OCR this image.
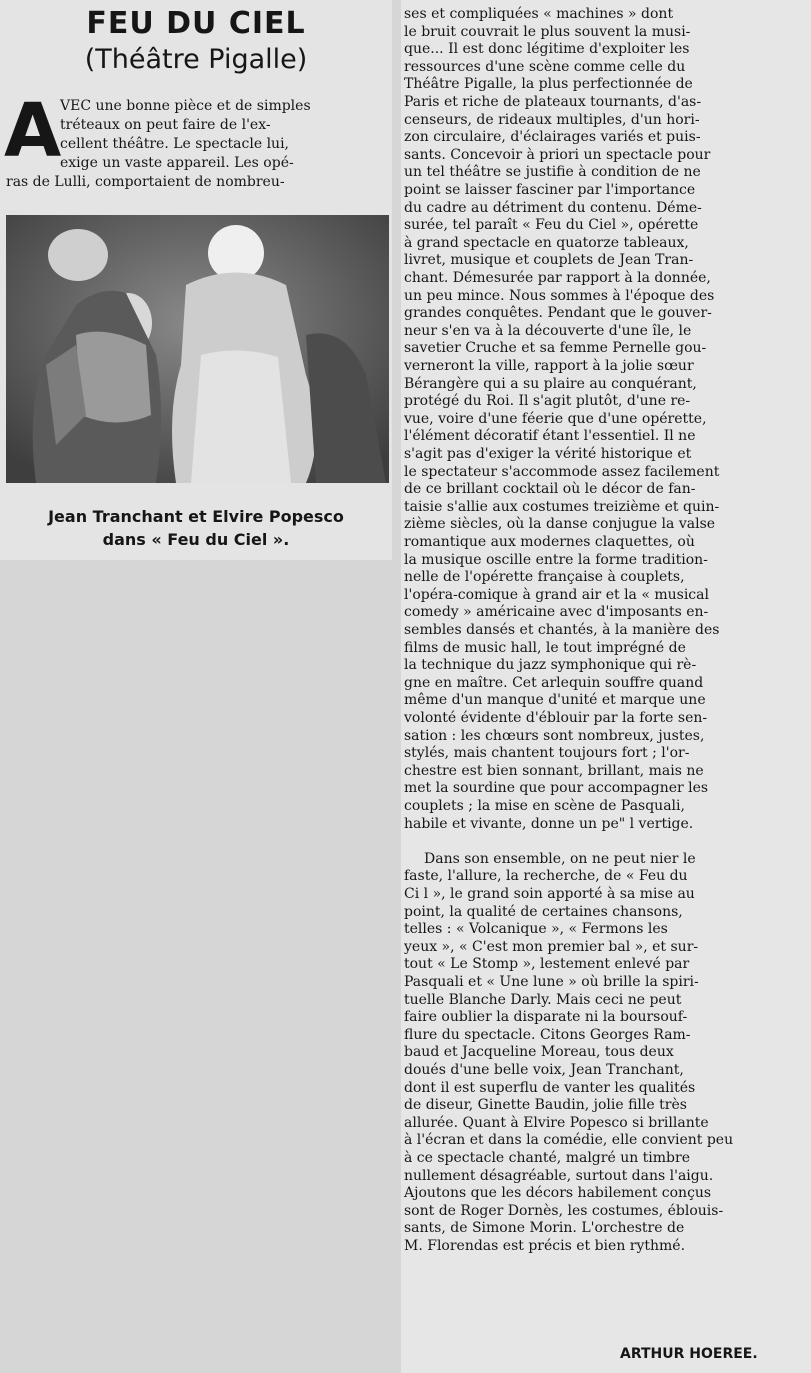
FEU DU CIEL
(Théâtre Pigalle)
A

VEC une bonne pièce et de simples

tréteaux on peut faire de l'ex-

cellent théâtre. Le spectacle lui,

exige un vaste appareil. Les opé-

ras de Lulli, comportaient de nombreu-

Jean Tranchant et Elvire Popesco
dans « Feu du Ciel ».

ses et compliquées « machines » dont

le bruit couvrait le plus souvent la musi-

que... Il est donc légitime d'exploiter les

ressources d'une scène comme celle du

Théâtre Pigalle, la plus perfectionnée de

Paris et riche de plateaux tournants, d'as-

censeurs, de rideaux multiples, d'un hori-

zon circulaire, d'éclairages variés et puis-

sants. Concevoir à priori un spectacle pour

un tel théâtre se justifie à condition de ne

point se laisser fasciner par l'importance

du cadre au détriment du contenu. Déme-

surée, tel paraît « Feu du Ciel », opérette

à grand spectacle en quatorze tableaux,

livret, musique et couplets de Jean Tran-

chant. Démesurée par rapport à la donnée,

un peu mince. Nous sommes à l'époque des

grandes conquêtes. Pendant que le gouver-

neur s'en va à la découverte d'une île, le

savetier Cruche et sa femme Pernelle gou-

verneront la ville, rapport à la jolie sœur

Bérangère qui a su plaire au conquérant,

protégé du Roi. Il s'agit plutôt, d'une re-

vue, voire d'une féerie que d'une opérette,

l'élément décoratif étant l'essentiel. Il ne

s'agit pas d'exiger la vérité historique et

le spectateur s'accommode assez facilement

de ce brillant cocktail où le décor de fan-

taisie s'allie aux costumes treizième et quin-

zième siècles, où la danse conjugue la valse

romantique aux modernes claquettes, où

la musique oscille entre la forme tradition-

nelle de l'opérette française à couplets,

l'opéra-comique à grand air et la « musical

comedy » américaine avec d'imposants en-

sembles dansés et chantés, à la manière des

films de music hall, le tout imprégné de

la technique du jazz symphonique qui rè-

gne en maître. Cet arlequin souffre quand

même d'un manque d'unité et marque une

volonté évidente d'éblouir par la forte sen-

sation : les chœurs sont nombreux, justes,

stylés, mais chantent toujours fort ; l'or-

chestre est bien sonnant, brillant, mais ne

met la sourdine que pour accompagner les

couplets ; la mise en scène de Pasquali,

habile et vivante, donne un pe" l vertige.

Dans son ensemble, on ne peut nier le

faste, l'allure, la recherche, de « Feu du

Ci l », le grand soin apporté à sa mise au

point, la qualité de certaines chansons,

telles : « Volcanique », « Fermons les

yeux », « C'est mon premier bal », et sur-

tout « Le Stomp », lestement enlevé par

Pasquali et « Une lune » où brille la spiri-

tuelle Blanche Darly. Mais ceci ne peut

faire oublier la disparate ni la boursouf-

flure du spectacle. Citons Georges Ram-

baud et Jacqueline Moreau, tous deux

doués d'une belle voix, Jean Tranchant,

dont il est superflu de vanter les qualités

de diseur, Ginette Baudin, jolie fille très

allurée. Quant à Elvire Popesco si brillante

à l'écran et dans la comédie, elle convient peu

à ce spectacle chanté, malgré un timbre

nullement désagréable, surtout dans l'aigu.

Ajoutons que les décors habilement conçus

sont de Roger Dornès, les costumes, éblouis-

sants, de Simone Morin. L'orchestre de

M. Florendas est précis et bien rythmé.

ARTHUR HOEREE.
